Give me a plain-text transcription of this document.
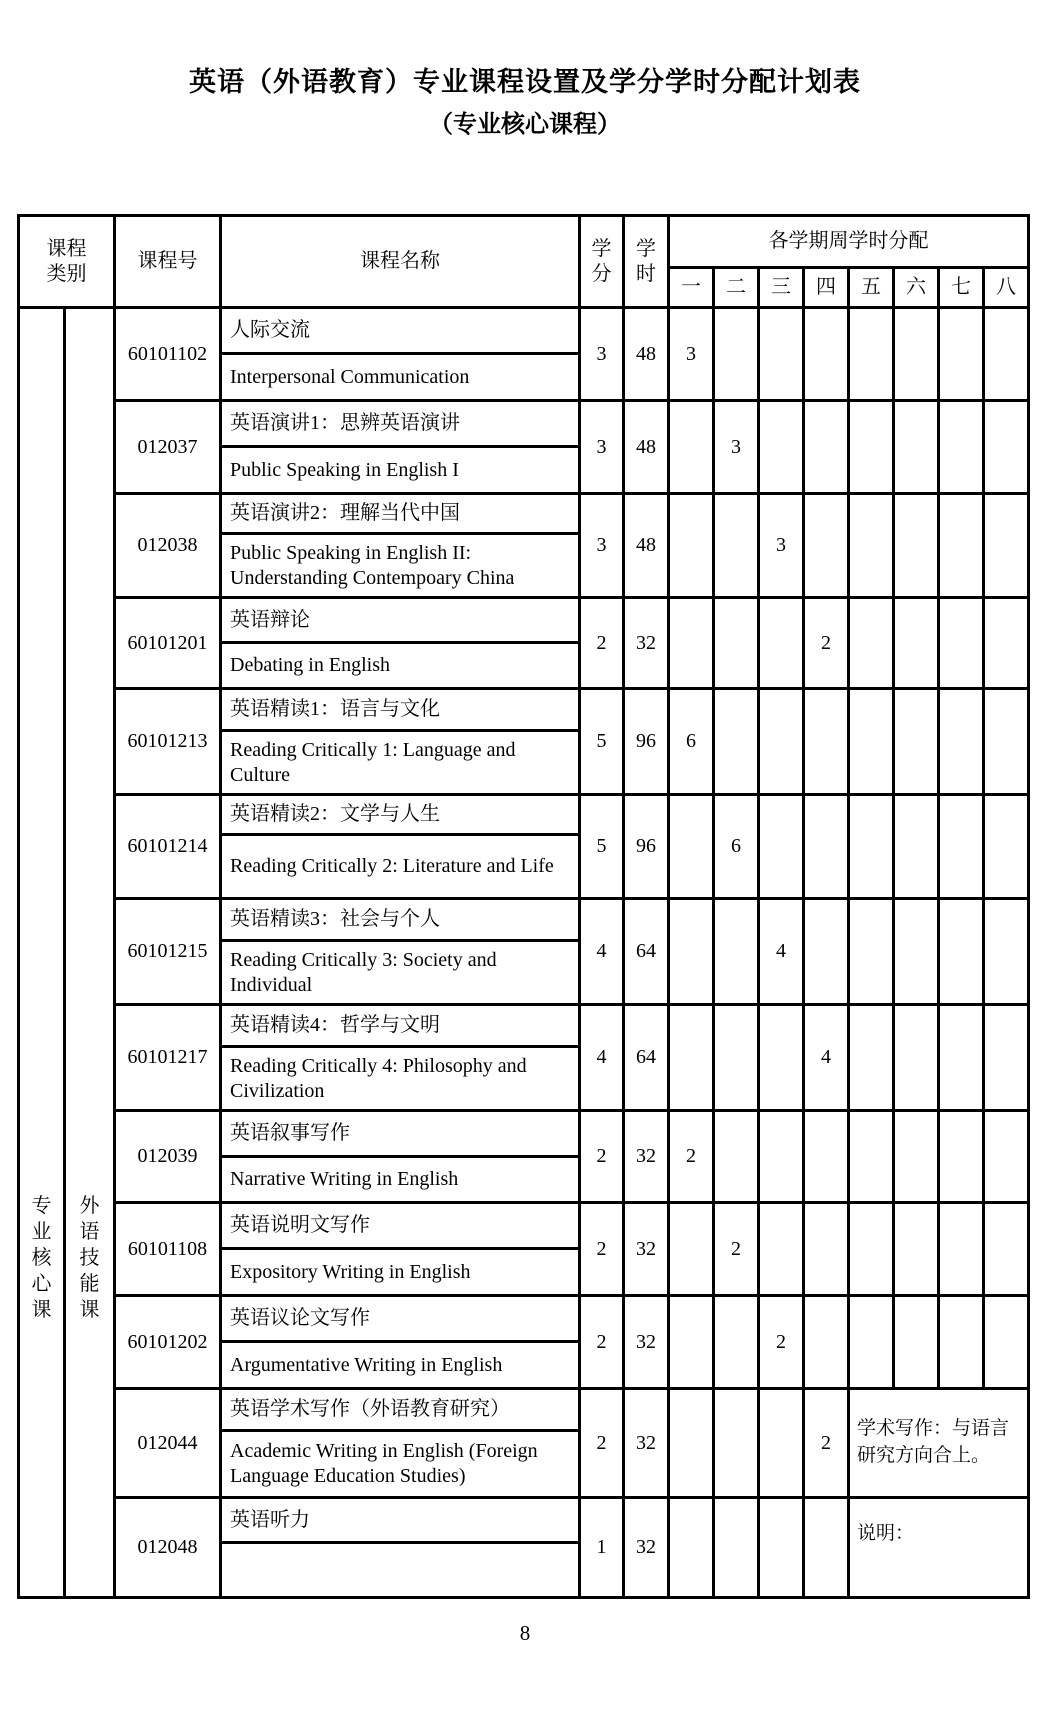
英语（外语教育）专业课程设置及学分学时分配计划表
（专业核心课程）
课程
类别		课程号	课程名称	学
分	学
时	各学期周学时分配							
						一	二	三	四	五	六	七	八

专
业
核
心
课	外
语
技
能
课	60101102	人际交流	3	48	3							
			Interpersonal Communication										
		012037	英语演讲1：思辨英语演讲	3	48		3						
			Public Speaking in English I										
		012038	英语演讲2：理解当代中国	3	48			3					
			Public Speaking in English II: Understanding Contempoary China										
		60101201	英语辩论	2	32				2				
			Debating in English										
		60101213	英语精读1：语言与文化	5	96	6							
			Reading Critically 1: Language and Culture										
		60101214	英语精读2：文学与人生	5	96		6						
			Reading Critically 2: Literature and Life										
		60101215	英语精读3：社会与个人	4	64			4					
			Reading Critically 3: Society and Individual										
		60101217	英语精读4：哲学与文明	4	64				4				
			Reading Critically 4: Philosophy and Civilization										
		012039	英语叙事写作	2	32	2							
			Narrative Writing in English										
		60101108	英语说明文写作	2	32		2						
			Expository Writing in English										
		60101202	英语议论文写作	2	32			2					
			Argumentative Writing in English										
		012044	英语学术写作（外语教育研究）	2	32				2	学术写作：与语言研究方向合上。			
			Academic Writing in English (Foreign Language Education Studies)										
		012048	英语听力	1	32					说明：			

8
